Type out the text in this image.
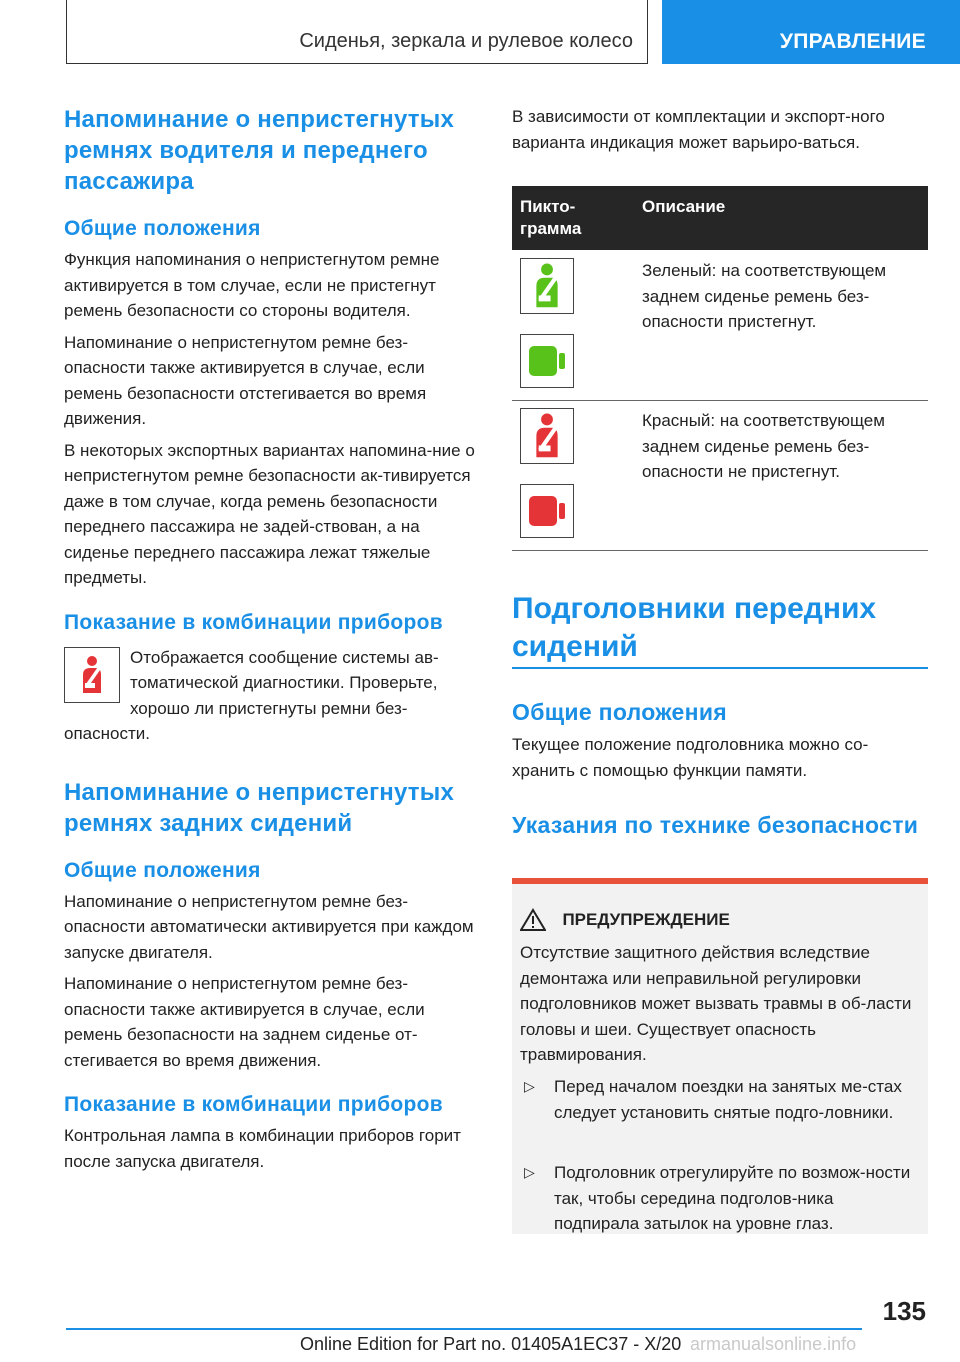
Сиденья, зеркала и рулевое колесо	УПРАВЛЕНИЕ
Напоминание о непристегнутых ремнях водителя и переднего пассажира
Общие положения

Функция напоминания о непристегнутом ремне активируется в том случае, если не пристегнут ремень безопасности со стороны водителя.

Напоминание о непристегнутом ремне без-опасности также активируется в случае, если ремень безопасности отстегивается во время движения.

В некоторых экспортных вариантах напомина-ние о непристегнутом ремне безопасности ак-тивируется даже в том случае, когда ремень безопасности переднего пассажира не задей-ствован, а на сиденье переднего пассажира лежат тяжелые предметы.

Показание в комбинации приборов

Отображается сообщение системы ав-томатической диагностики. Проверьте, хорошо ли пристегнуты ремни без-опасности.

Напоминание о непристегнутых ремнях задних сидений
Общие положения

Напоминание о непристегнутом ремне без-опасности автоматически активируется при каждом запуске двигателя.

Напоминание о непристегнутом ремне без-опасности также активируется в случае, если ремень безопасности на заднем сиденье от-стегивается во время движения.

Показание в комбинации приборов

Контрольная лампа в комбинации приборов горит после запуска двигателя.

В зависимости от комплектации и экспорт-ного варианта индикация может варьиро-ваться.

Пикто-грамма
Описание

Зеленый: на соответствующем заднем сиденье ремень без-опасности пристегнут.

Красный: на соответствующем заднем сиденье ремень без-опасности не пристегнут.

Подголовники передних сидений
Общие положения

Текущее положение подголовника можно со-хранить с помощью функции памяти.

Указания по технике безопасности
ПРЕДУПРЕЖДЕНИЕ

Отсутствие защитного действия вследствие демонтажа или неправильной регулировки подголовников может вызвать травмы в об-ласти головы и шеи. Существует опасность травмирования.

▷ Перед началом поездки на занятых ме-стах следует установить снятые подго-ловники.

▷ Подголовник отрегулируйте по возмож-ности так, чтобы середина подголов-ника подпирала затылок на уровне глаз.

135
Online Edition for Part no. 01405A1EC37 - X/20 armanualsonline.info
